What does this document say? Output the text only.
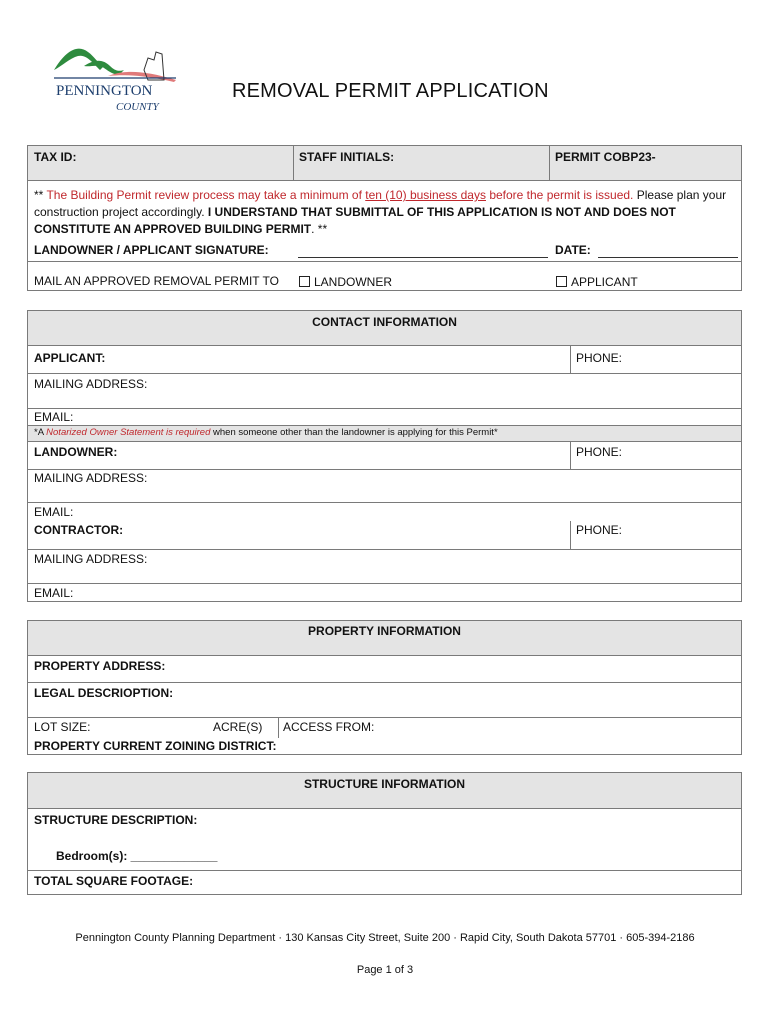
PENNINGTON
COUNTY
REMOVAL PERMIT APPLICATION
TAX ID:	STAFF INITIALS:	PERMIT COBP23-
** The Building Permit review process may take a minimum of ten (10) business days before the permit is issued. Please plan your construction project accordingly. I UNDERSTAND THAT SUBMITTAL OF THIS APPLICATION IS NOT AND DOES NOT CONSTITUTE AN APPROVED BUILDING PERMIT. **
LANDOWNER / APPLICANT SIGNATURE:	DATE:
MAIL AN APPROVED REMOVAL PERMIT TO	LANDOWNER	APPLICANT
CONTACT INFORMATION
APPLICANT:	PHONE:
MAILING ADDRESS:
EMAIL:
*A Notarized Owner Statement is required when someone other than the landowner is applying for this Permit*
LANDOWNER:	PHONE:
MAILING ADDRESS:
EMAIL:
CONTRACTOR:	PHONE:
MAILING ADDRESS:
EMAIL:
PROPERTY INFORMATION
PROPERTY ADDRESS:
LEGAL DESCRIOPTION:
LOT SIZE:	ACRE(S) ACCESS FROM:
PROPERTY CURRENT ZOINING DISTRICT:
STRUCTURE INFORMATION
STRUCTURE DESCRIPTION:
Bedroom(s): _____________
TOTAL SQUARE FOOTAGE:
Pennington County Planning Department · 130 Kansas City Street, Suite 200 · Rapid City, South Dakota 57701 · 605-394-2186
Page 1 of 3
